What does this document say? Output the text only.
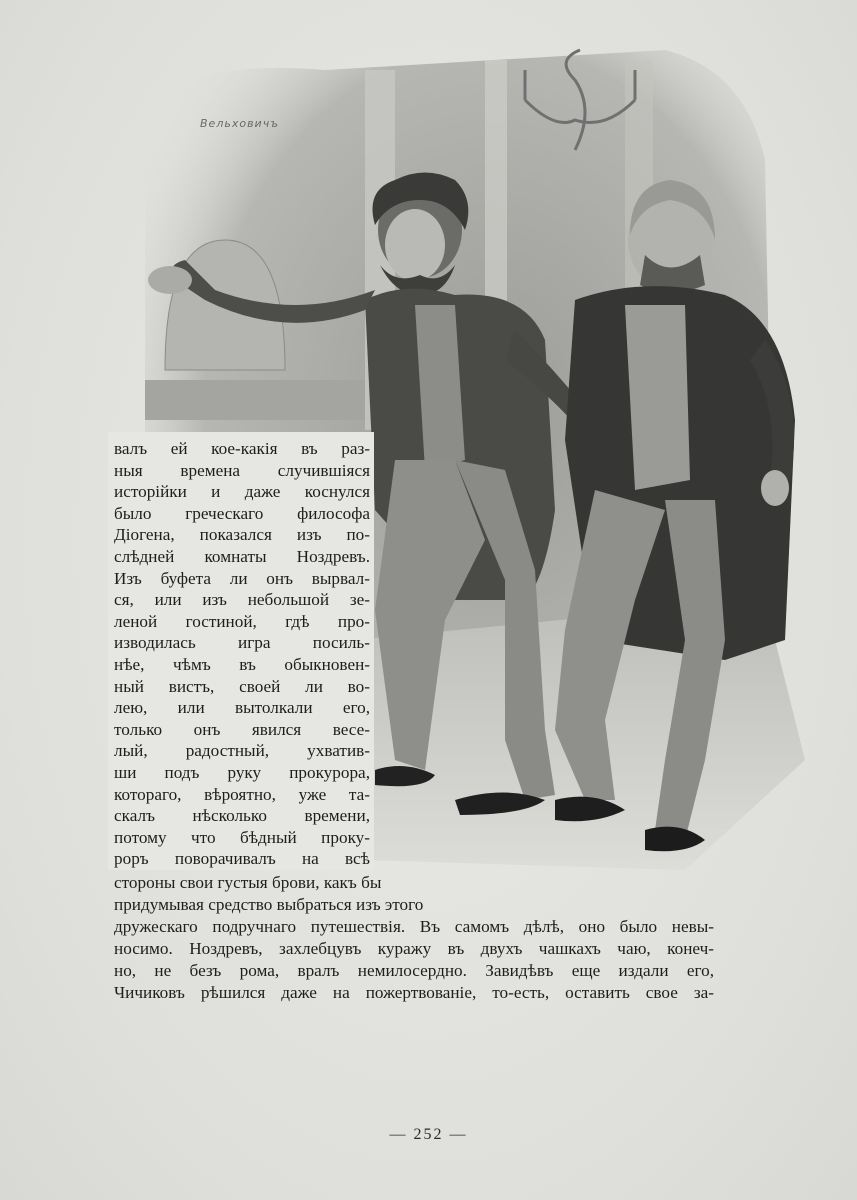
Вельховичъ
валъ ей кое-какія въ раз-
ныя времена случившіяся
исторійки и даже коснулся
было греческаго философа
Діогена, показался изъ по-
слѣдней комнаты Ноздревъ.
Изъ буфета ли онъ вырвал-
ся, или изъ небольшой зе-
леной гостиной, гдѣ про-
изводилась игра посиль-
нѣе, чѣмъ въ обыкновен-
ный вистъ, своей ли во-
лею, или вытолкали его,
только онъ явился весе-
лый, радостный, ухватив-
ши подъ руку прокурора,
котораго, вѣроятно, уже та-
скалъ нѣсколько времени,
потому что бѣдный проку-
роръ поворачивалъ на всѣ
стороны свои густыя брови, какъ бы
придумывая средство выбраться изъ этого
дружескаго подручнаго путешествія. Въ самомъ дѣлѣ, оно было невы-
носимо. Ноздревъ, захлебцувъ куражу въ двухъ чашкахъ чаю, конеч-
но, не безъ рома, вралъ немилосердно. Завидѣвъ еще издали его,
Чичиковъ рѣшился даже на пожертвованіе, то-есть, оставить свое за-
— 252 —
